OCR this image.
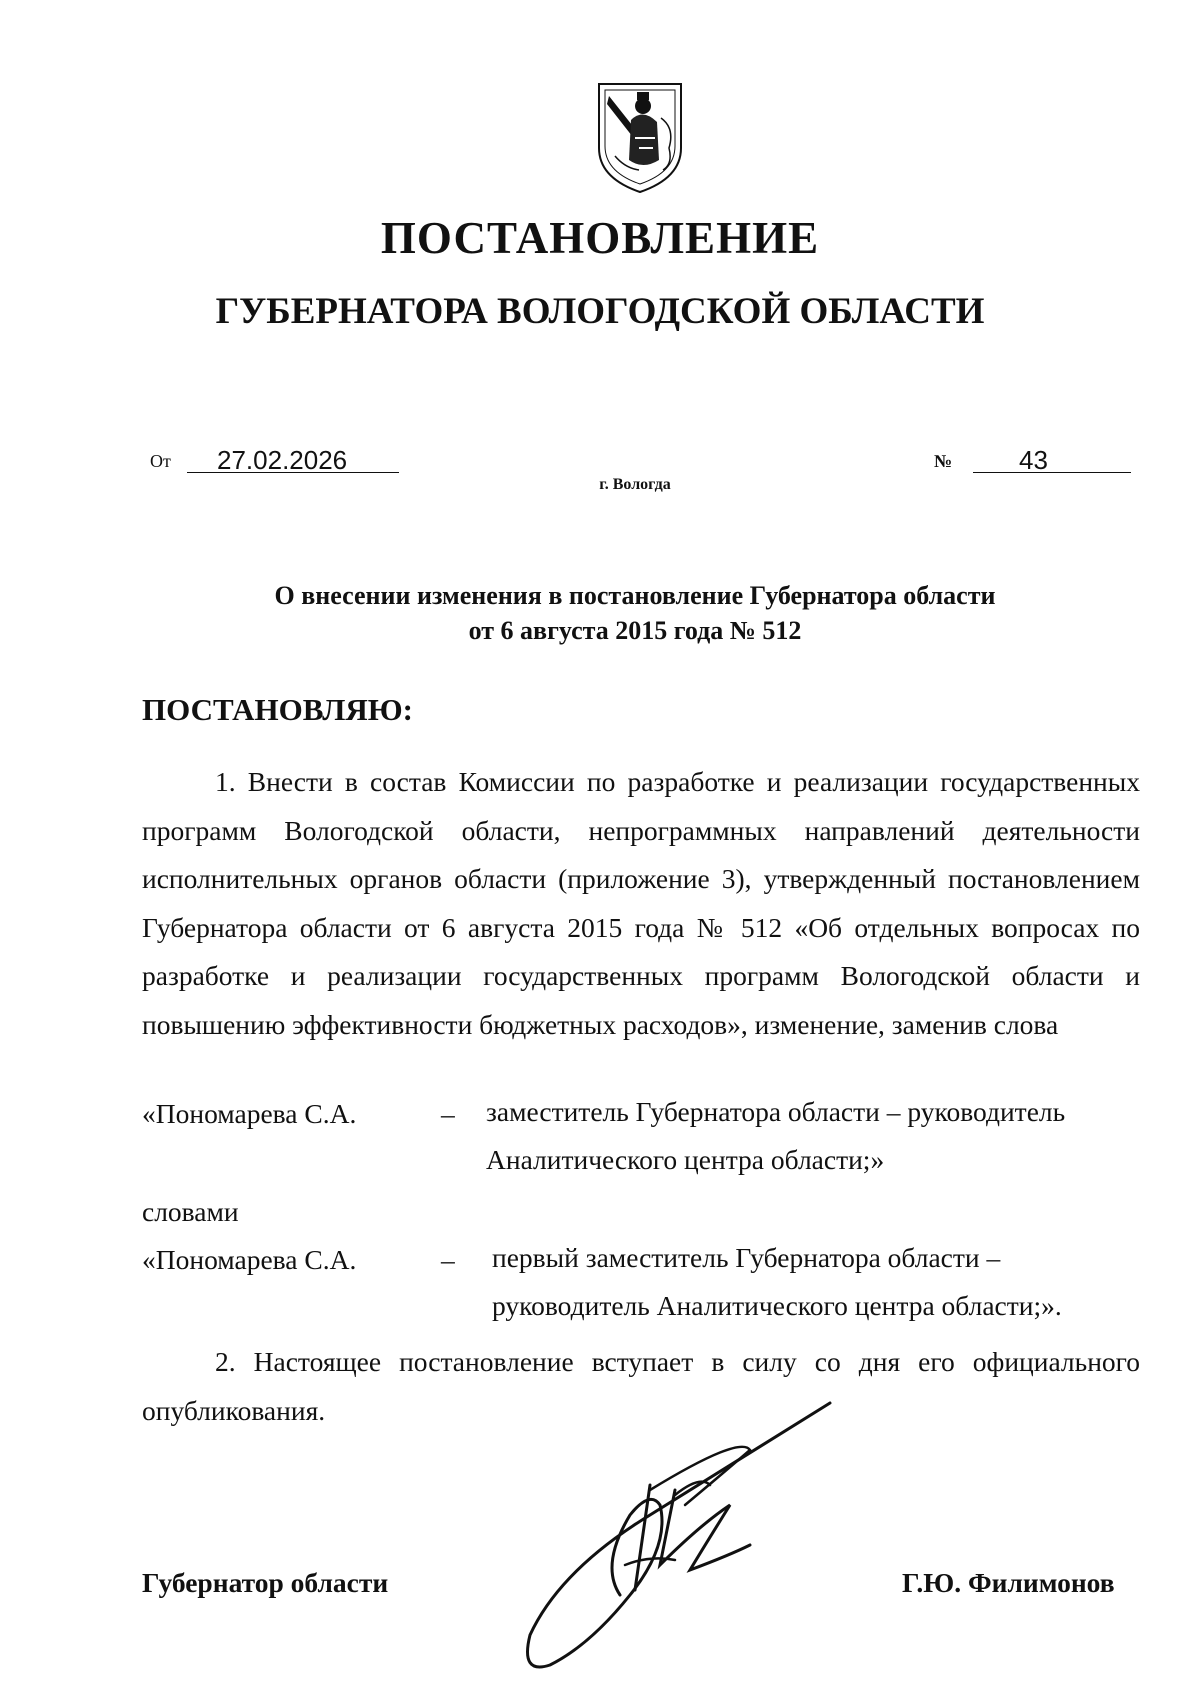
ПОСТАНОВЛЕНИЕ
ГУБЕРНАТОРА ВОЛОГОДСКОЙ ОБЛАСТИ
От	27.02.2026	№	43
г. Вологда
О внесении изменения в постановление Губернатора области
от 6 августа 2015 года № 512
ПОСТАНОВЛЯЮ:
1. Внести в состав Комиссии по разработке и реализации государственных программ Вологодской области, непрограммных направлений деятельности исполнительных органов области (приложение 3), утвержденный постановлением Губернатора области от 6 августа 2015 года № 512 «Об отдельных вопросах по разработке и реализации государственных программ Вологодской области и повышению эффективности бюджетных расходов», изменение, заменив слова
«Пономарева С.А.	– заместитель Губернатора области – руководитель
Аналитического центра области;»
словами
«Пономарева С.А.	– первый заместитель Губернатора области –
руководитель Аналитического центра области;».
2. Настоящее постановление вступает в силу со дня его официального опубликования.
Губернатор области	Г.Ю. Филимонов
